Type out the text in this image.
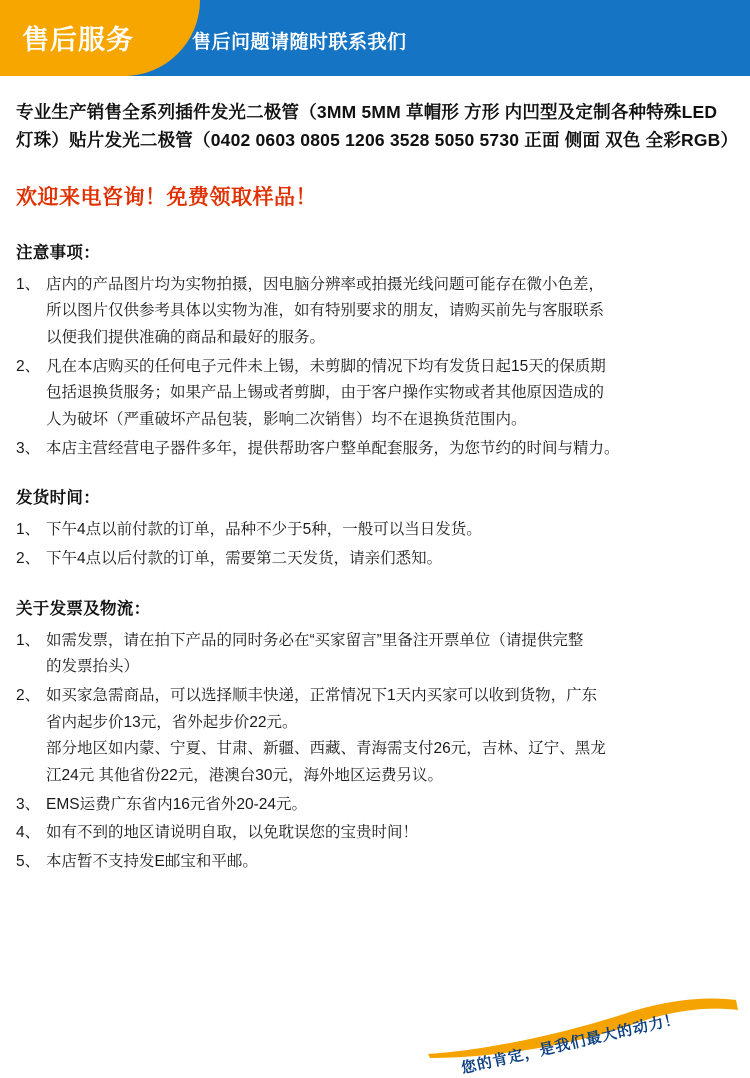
售后服务	售后问题请随时联系我们

专业生产销售全系列插件发光二极管（3MM 5MM 草帽形 方形 内凹型及定制各种特殊LED灯珠）贴片发光二极管（0402 0603 0805 1206 3528 5050 5730 正面 侧面 双色 全彩RGB）

欢迎来电咨询！免费领取样品！

注意事项：
1、 店内的产品图片均为实物拍摄，因电脑分辨率或拍摄光线问题可能存在微小色差，
所以图片仅供参考具体以实物为准，如有特别要求的朋友，请购买前先与客服联系
以便我们提供准确的商品和最好的服务。
2、 凡在本店购买的任何电子元件未上锡，未剪脚的情况下均有发货日起15天的保质期
包括退换货服务；如果产品上锡或者剪脚，由于客户操作实物或者其他原因造成的
人为破坏（严重破坏产品包装，影响二次销售）均不在退换货范围内。
3、 本店主营经营电子器件多年，提供帮助客户整单配套服务，为您节约的时间与精力。
发货时间：
1、 下午4点以前付款的订单，品种不少于5种，一般可以当日发货。
2、 下午4点以后付款的订单，需要第二天发货，请亲们悉知。
关于发票及物流：
1、 如需发票，请在拍下产品的同时务必在“买家留言”里备注开票单位（请提供完整
的发票抬头）
2、 如买家急需商品，可以选择顺丰快递，正常情况下1天内买家可以收到货物，广东
省内起步价13元，省外起步价22元。
部分地区如内蒙、宁夏、甘肃、新疆、西藏、青海需支付26元，吉林、辽宁、黑龙
江24元 其他省份22元，港澳台30元，海外地区运费另议。
3、 EMS运费广东省内16元省外20-24元。
4、 如有不到的地区请说明自取，以免耽误您的宝贵时间！
5、 本店暂不支持发E邮宝和平邮。
您的肯定，是我们最大的动力！
